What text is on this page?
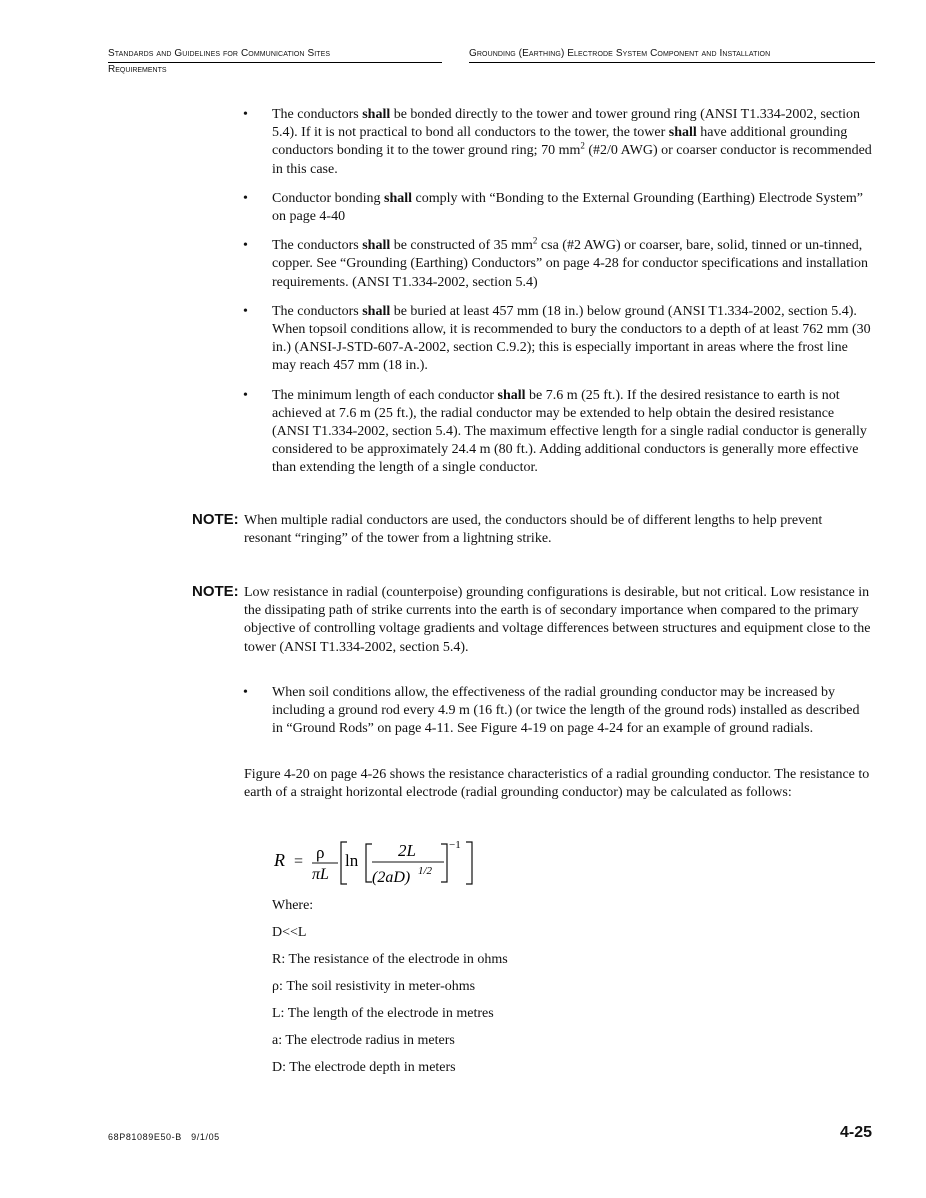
Standards and Guidelines for Communication Sites
Requirements
Grounding (Earthing) Electrode System Component and Installation
• The conductors shall be bonded directly to the tower and tower ground ring (ANSI T1.334-2002, section 5.4). If it is not practical to bond all conductors to the tower, the tower shall have additional grounding conductors bonding it to the tower ground ring; 70 $mm^2$ (#2/0 AWG) or coarser conductor is recommended in this case.
• Conductor bonding shall comply with “Bonding to the External Grounding (Earthing) Electrode System” on page 4-40
• The conductors shall be constructed of 35 $mm^2$ csa (#2 AWG) or coarser, bare, solid, tinned or un-tinned, copper. See “Grounding (Earthing) Conductors” on page 4-28 for conductor specifications and installation requirements. (ANSI T1.334-2002, section 5.4)
• The conductors shall be buried at least 457 mm (18 in.) below ground (ANSI T1.334-2002, section 5.4). When topsoil conditions allow, it is recommended to bury the conductors to a depth of at least 762 mm (30 in.) (ANSI-J-STD-607-A-2002, section C.9.2); this is especially important in areas where the frost line may reach 457 mm (18 in.).
• The minimum length of each conductor shall be 7.6 m (25 ft.). If the desired resistance to earth is not achieved at 7.6 m (25 ft.), the radial conductor may be extended to help obtain the desired resistance (ANSI T1.334-2002, section 5.4). The maximum effective length for a single radial conductor is generally considered to be approximately 24.4 m (80 ft.). Adding additional conductors is generally more effective than extending the length of a single conductor.
NOTE: When multiple radial conductors are used, the conductors should be of different lengths to help prevent resonant “ringing” of the tower from a lightning strike.
NOTE: Low resistance in radial (counterpoise) grounding configurations is desirable, but not critical. Low resistance in the dissipating path of strike currents into the earth is of secondary importance when compared to the primary objective of controlling voltage gradients and voltage differences between structures and equipment close to the tower (ANSI T1.334-2002, section 5.4).
• When soil conditions allow, the effectiveness of the radial grounding conductor may be increased by including a ground rod every 4.9 m (16 ft.) (or twice the length of the ground rods) installed as described in “Ground Rods” on page 4-11. See Figure 4-19 on page 4-24 for an example of ground radials.
Figure 4-20 on page 4-26 shows the resistance characteristics of a radial grounding conductor. The resistance to earth of a straight horizontal electrode (radial grounding conductor) may be calculated as follows:
R = ρ
πL
ln
2L
(2aD) 1/2
−1
Where:
D<<L
R: The resistance of the electrode in ohms
ρ: The soil resistivity in meter-ohms
L: The length of the electrode in metres
a: The electrode radius in meters
D: The electrode depth in meters
68P81089E50-B   9/1/05	4-25
